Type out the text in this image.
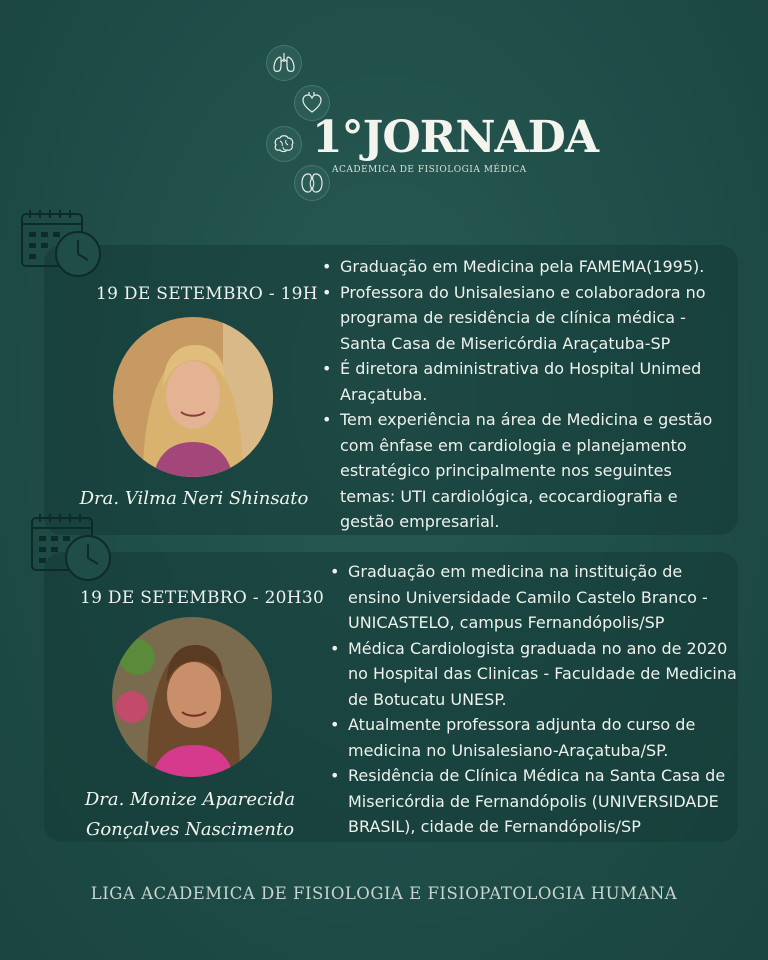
1°JORNADA
ACADEMICA DE FISIOLOGIA MÉDICA
19 DE SETEMBRO - 19H
Dra. Vilma Neri Shinsato
• Graduação em Medicina pela FAMEMA(1995).
• Professora do Unisalesiano e colaboradora no programa de residência de clínica médica - Santa Casa de Misericórdia Araçatuba-SP
• É diretora administrativa do Hospital Unimed Araçatuba.
• Tem experiência na área de Medicina e gestão com ênfase em cardiologia e planejamento estratégico principalmente nos seguintes temas: UTI cardiológica, ecocardiografia e gestão empresarial.
19 DE SETEMBRO - 20H30
Dra. Monize Aparecida
Gonçalves Nascimento
• Graduação em medicina na instituição de ensino Universidade Camilo Castelo Branco - UNICASTELO, campus Fernandópolis/SP
• Médica Cardiologista graduada no ano de 2020 no Hospital das Clinicas - Faculdade de Medicina de Botucatu UNESP.
• Atualmente professora adjunta do curso de medicina no Unisalesiano-Araçatuba/SP.
• Residência de Clínica Médica na Santa Casa de Misericórdia de Fernandópolis (UNIVERSIDADE BRASIL), cidade de Fernandópolis/SP
LIGA ACADEMICA DE FISIOLOGIA E FISIOPATOLOGIA HUMANA
